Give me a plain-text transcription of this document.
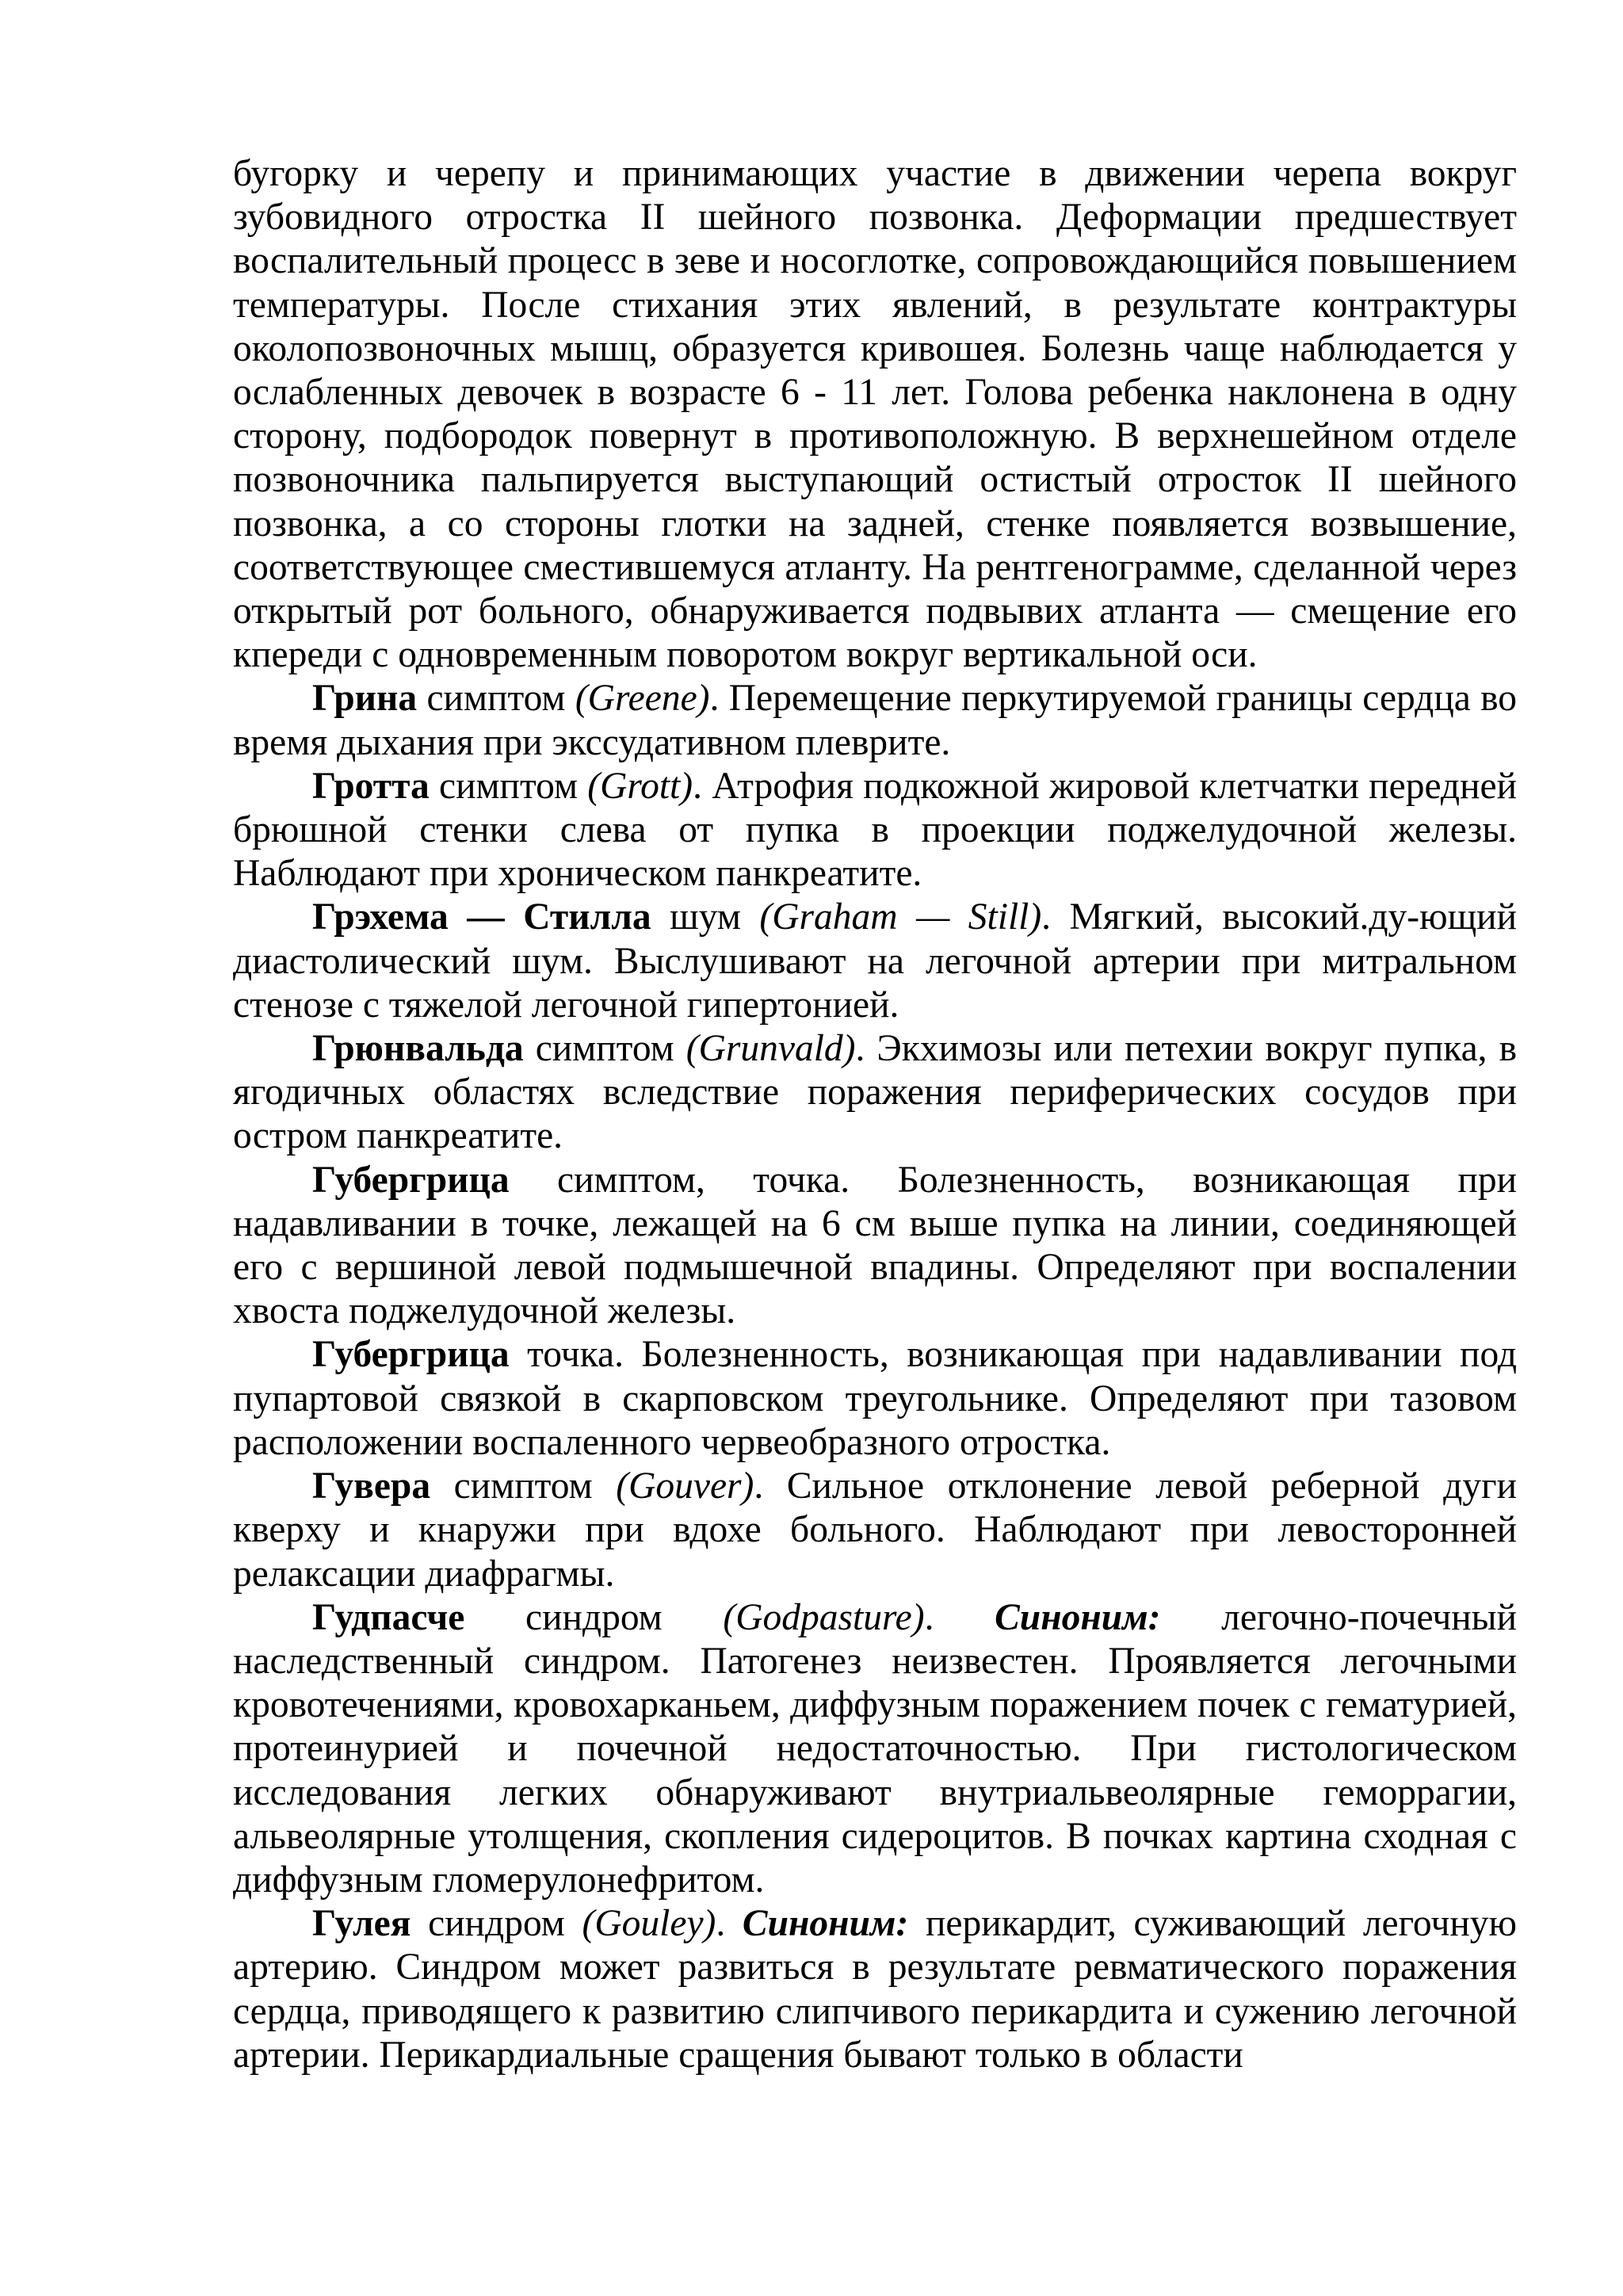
бугорку и черепу и принимающих участие в движении черепа вокруг зубовидного отростка II шейного позвонка. Деформации предшествует воспалительный процесс в зеве и носоглотке, сопровождающийся повышением температуры. После стихания этих явлений, в результате контрактуры околопозвоночных мышц, образуется кривошея. Болезнь чаще наблюдается у ослабленных девочек в возрасте 6 - 11 лет. Голова ребенка наклонена в одну сторону, подбородок повернут в противоположную. В верхнешейном отделе позвоночника пальпируется выступающий остистый отросток II шейного позвонка, а со стороны глотки на задней, стенке появляется возвышение, соответствующее сместившемуся атланту. На рентгенограмме, сделанной через открытый рот больного, обнаруживается подвывих атланта — смещение его кпереди с одновременным поворотом вокруг вертикальной оси.

Грина симптом (Greene). Перемещение перкутируемой границы сердца во время дыхания при экссудативном плеврите.

Гротта симптом (Grott). Атрофия подкожной жировой клетчатки передней брюшной стенки слева от пупка в проекции поджелудочной железы. Наблюдают при хроническом панкреатите.

Грэхема — Стилла шум (Graham — Still). Мягкий, высокий.ду-ющий диастолический шум. Выслушивают на легочной артерии при митральном стенозе с тяжелой легочной гипертонией.

Грюнвальда симптом (Grunvald). Экхимозы или петехии вокруг пупка, в ягодичных областях вследствие поражения периферических сосудов при остром панкреатите.

Губергрица симптом, точка. Болезненность, возникающая при надавливании в точке, лежащей на 6 см выше пупка на линии, соединяющей его с вершиной левой подмышечной впадины. Определяют при воспалении хвоста поджелудочной железы.

Губергрица точка. Болезненность, возникающая при надавливании под пупартовой связкой в скарповском треугольнике. Определяют при тазовом расположении воспаленного червеобразного отростка.

Гувера симптом (Gouver). Сильное отклонение левой реберной дуги кверху и кнаружи при вдохе больного. Наблюдают при левосторонней релаксации диафрагмы.

Гудпасче синдром (Godpasture). Синоним: легочно-почечный наследственный синдром. Патогенез неизвестен. Проявляется легочными кровотечениями, кровохарканьем, диффузным поражением почек с гематурией, протеинурией и почечной недостаточностью. При гистологическом исследования легких обнаруживают внутриальвеолярные геморрагии, альвеолярные утолщения, скопления сидероцитов. В почках картина сходная с диффузным гломерулонефритом.

Гулея синдром (Gouley). Синоним: перикардит, суживающий легочную артерию. Синдром может развиться в результате ревматического поражения сердца, приводящего к развитию слипчивого перикардита и сужению легочной артерии. Перикардиальные сращения бывают только в области
